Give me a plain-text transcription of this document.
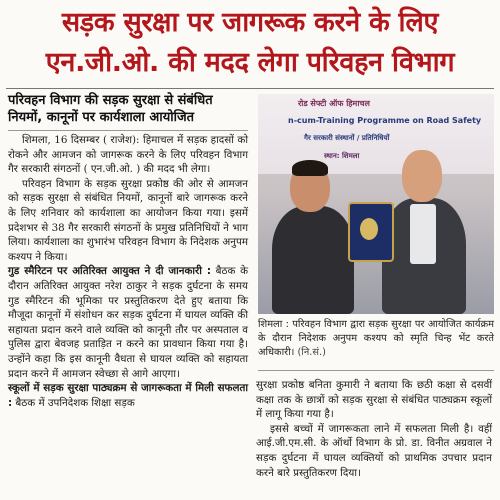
सड़क सुरक्षा पर जागरूक करने के लिए
एन.जी.ओ. की मदद लेगा परिवहन विभाग
परिवहन विभाग की सड़क सुरक्षा से संबंधित
नियमों, कानूनों पर कार्यशाला आयोजित

शिमला, 16 दिसम्बर ( राजेश): हिमाचल में सड़क हादसों को रोकने और आमजन को जागरूक करने के लिए परिवहन विभाग गैर सरकारी संगठनों ( एन.जी.ओ. ) की मदद भी लेगा।

परिवहन विभाग के सड़क सुरक्षा प्रकोष्ठ की ओर से आमजन को सड़क सुरक्षा से संबंधित नियमों, कानूनों बारे जागरूक करने के लिए शनिवार को कार्यशाला का आयोजन किया गया। इसमें प्रदेशभर से 38 गैर सरकारी संगठनों के प्रमुख प्रतिनिधियों ने भाग लिया। कार्यशाला का शुभारंभ परिवहन विभाग के निदेशक अनुपम कश्यप ने किया।

गुड स्मैरिटन पर अतिरिक्त आयुक्त ने दी जानकारी : बैठक के दौरान अतिरिक्त आयुक्त नरेश ठाकुर ने सड़क दुर्घटना के समय गुड स्मैरिटन की भूमिका पर प्रस्तुतिकरण देते हुए बताया कि मौजूदा कानूनों में संशोधन कर सड़क दुर्घटना में घायल व्यक्ति की सहायता प्रदान करने वाले व्यक्ति को कानूनी तौर पर अस्पताल व पुलिस द्वारा बेवजह प्रताड़ित न करने का प्रावधान किया गया है। उन्होंने कहा कि इस कानूनी वैधता से घायल व्यक्ति को सहायता प्रदान करने में आमजन स्वेच्छा से आगे आएगा।

स्कूलों में सड़क सुरक्षा पाठ्यक्रम से जागरूकता में मिली सफलता : बैठक में उपनिदेशक शिक्षा सड़क

रोड सेफ्टी ऑफ हिमाचल
n-cum-Training Programme on Road Safety
गैर सरकारी संस्थानों / प्रतिनिधियों
स्थान: शिमला
शिमला : परिवहन विभाग द्वारा सड़क सुरक्षा पर आयोजित कार्यक्रम के दौरान निदेशक अनुपम कश्यप को स्मृति चिन्ह भेंट करते अधिकारी। (नि.सं.)

सुरक्षा प्रकोष्ठ बनिता कुमारी ने बताया कि छठी कक्षा से दसवीं कक्षा तक के छात्रों को सड़क सुरक्षा से संबंधित पाठ्यक्रम स्कूलों में लागू किया गया है।

इससे बच्चों में जागरूकता लाने में सफलता मिली है। वहीं आई.जी.एम.सी. के ऑर्थो विभाग के प्रो. डा. विनीत अग्रवाल ने सड़क दुर्घटना में घायल व्यक्तियों को प्राथमिक उपचार प्रदान करने बारे प्रस्तुतिकरण दिया।
